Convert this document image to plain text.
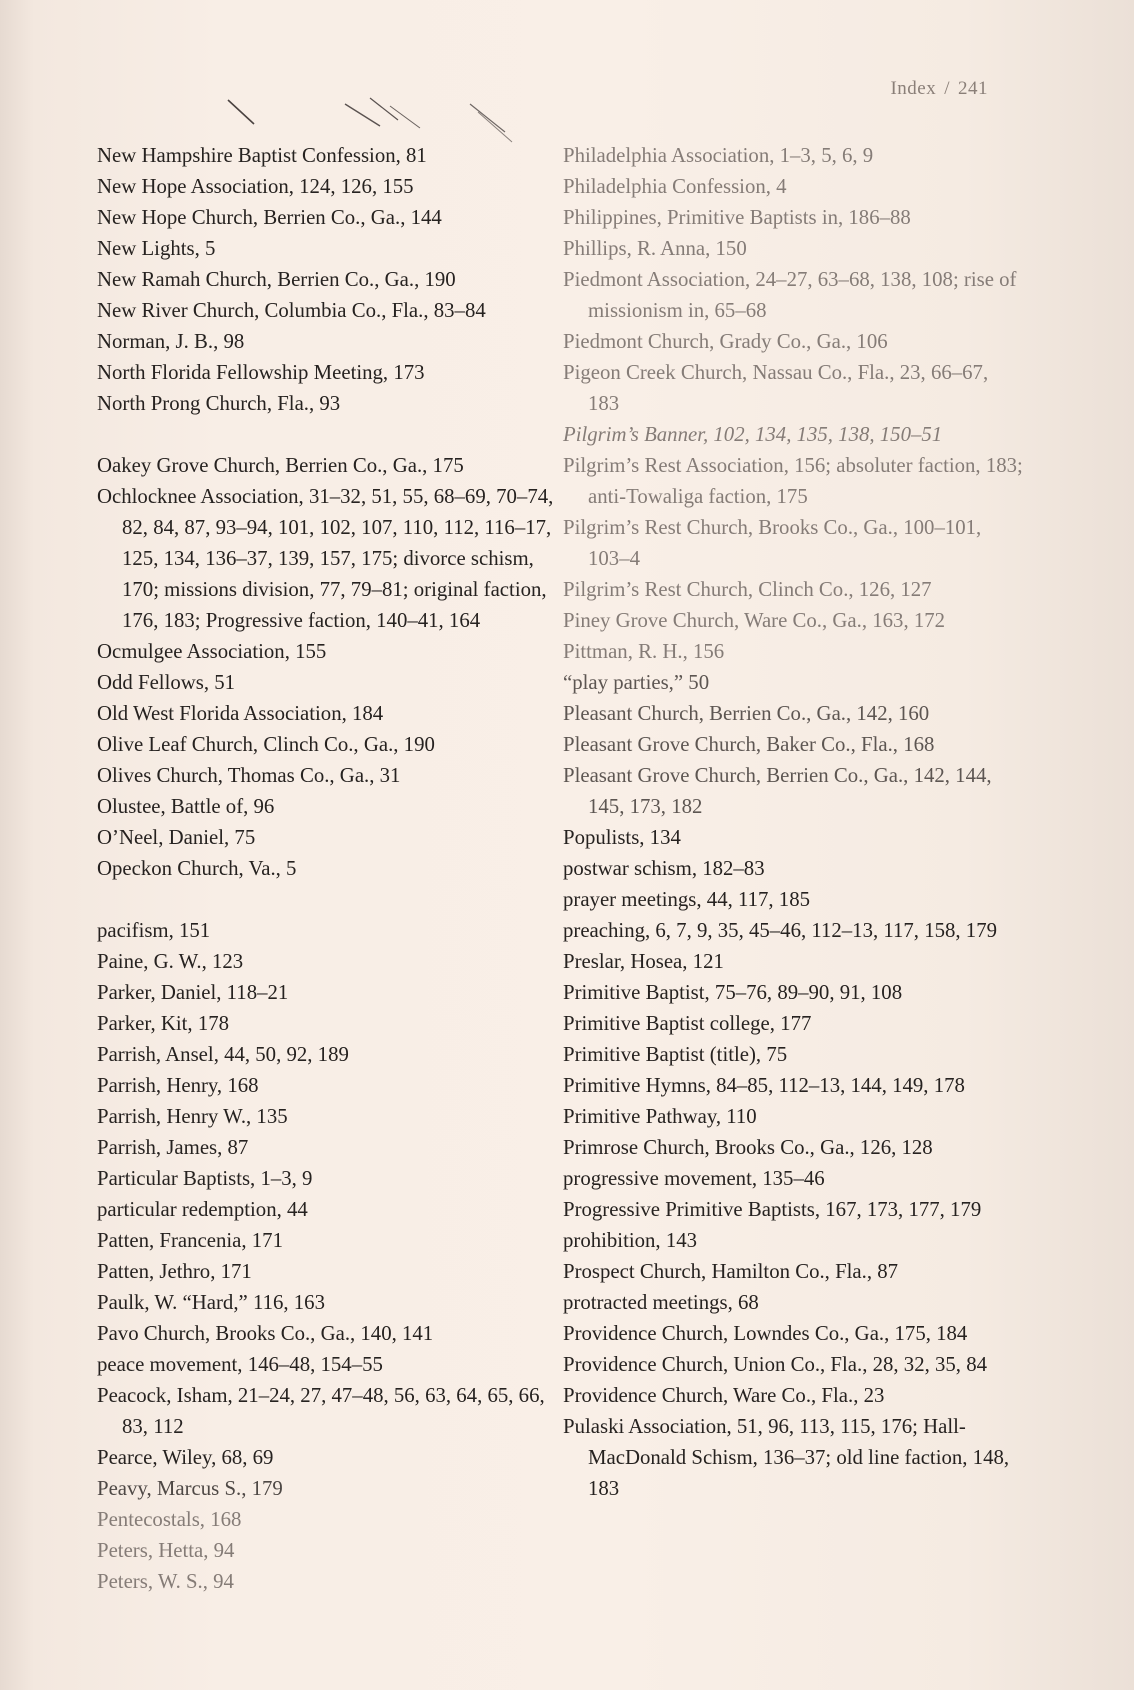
Index / 241
New Hampshire Baptist Confession, 81
New Hope Association, 124, 126, 155
New Hope Church, Berrien Co., Ga., 144
New Lights, 5
New Ramah Church, Berrien Co., Ga., 190
New River Church, Columbia Co., Fla., 83–84
Norman, J. B., 98
North Florida Fellowship Meeting, 173
North Prong Church, Fla., 93
Oakey Grove Church, Berrien Co., Ga., 175
Ochlocknee Association, 31–32, 51, 55, 68–69, 70–74, 82, 84, 87, 93–94, 101, 102, 107, 110, 112, 116–17, 125, 134, 136–37, 139, 157, 175; divorce schism, 170; missions division, 77, 79–81; original faction, 176, 183; Progressive faction, 140–41, 164
Ocmulgee Association, 155
Odd Fellows, 51
Old West Florida Association, 184
Olive Leaf Church, Clinch Co., Ga., 190
Olives Church, Thomas Co., Ga., 31
Olustee, Battle of, 96
O’Neel, Daniel, 75
Opeckon Church, Va., 5
pacifism, 151
Paine, G. W., 123
Parker, Daniel, 118–21
Parker, Kit, 178
Parrish, Ansel, 44, 50, 92, 189
Parrish, Henry, 168
Parrish, Henry W., 135
Parrish, James, 87
Particular Baptists, 1–3, 9
particular redemption, 44
Patten, Francenia, 171
Patten, Jethro, 171
Paulk, W. “Hard,” 116, 163
Pavo Church, Brooks Co., Ga., 140, 141
peace movement, 146–48, 154–55
Peacock, Isham, 21–24, 27, 47–48, 56, 63, 64, 65, 66, 83, 112
Pearce, Wiley, 68, 69
Peavy, Marcus S., 179
Pentecostals, 168
Peters, Hetta, 94
Peters, W. S., 94
Philadelphia Association, 1–3, 5, 6, 9
Philadelphia Confession, 4
Philippines, Primitive Baptists in, 186–88
Phillips, R. Anna, 150
Piedmont Association, 24–27, 63–68, 138, 108; rise of missionism in, 65–68
Piedmont Church, Grady Co., Ga., 106
Pigeon Creek Church, Nassau Co., Fla., 23, 66–67, 183
Pilgrim’s Banner, 102, 134, 135, 138, 150–51
Pilgrim’s Rest Association, 156; absoluter faction, 183; anti-Towaliga faction, 175
Pilgrim’s Rest Church, Brooks Co., Ga., 100–101, 103–4
Pilgrim’s Rest Church, Clinch Co., 126, 127
Piney Grove Church, Ware Co., Ga., 163, 172
Pittman, R. H., 156
“play parties,” 50
Pleasant Church, Berrien Co., Ga., 142, 160
Pleasant Grove Church, Baker Co., Fla., 168
Pleasant Grove Church, Berrien Co., Ga., 142, 144, 145, 173, 182
Populists, 134
postwar schism, 182–83
prayer meetings, 44, 117, 185
preaching, 6, 7, 9, 35, 45–46, 112–13, 117, 158, 179
Preslar, Hosea, 121
Primitive Baptist, 75–76, 89–90, 91, 108
Primitive Baptist college, 177
Primitive Baptist (title), 75
Primitive Hymns, 84–85, 112–13, 144, 149, 178
Primitive Pathway, 110
Primrose Church, Brooks Co., Ga., 126, 128
progressive movement, 135–46
Progressive Primitive Baptists, 167, 173, 177, 179
prohibition, 143
Prospect Church, Hamilton Co., Fla., 87
protracted meetings, 68
Providence Church, Lowndes Co., Ga., 175, 184
Providence Church, Union Co., Fla., 28, 32, 35, 84
Providence Church, Ware Co., Fla., 23
Pulaski Association, 51, 96, 113, 115, 176; Hall-MacDonald Schism, 136–37; old line faction, 148, 183
